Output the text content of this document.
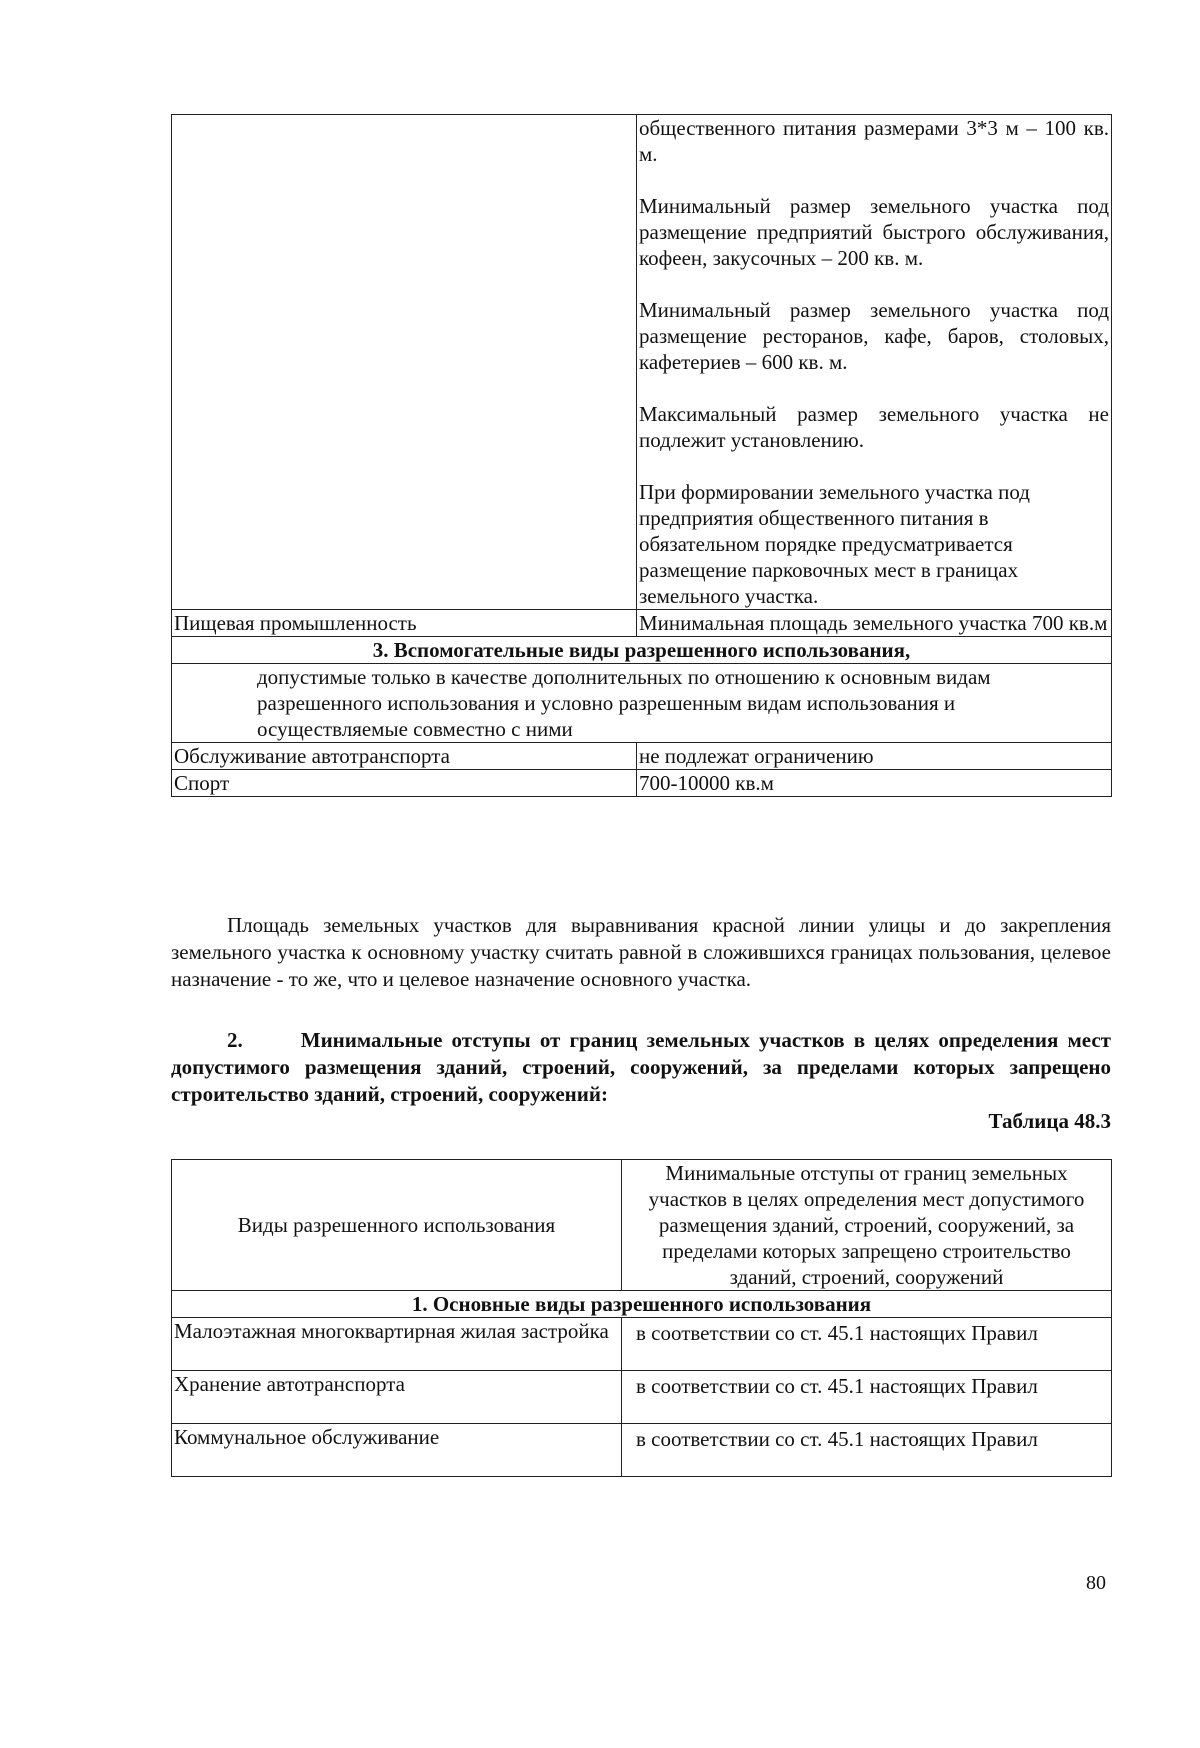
	общественного питания размерами 3*3 м – 100 кв. м.
Минимальный размер земельного участка под размещение предприятий быстрого обслуживания, кофеен, закусочных – 200 кв. м.
Минимальный размер земельного участка под размещение ресторанов, кафе, баров, столовых, кафетериев – 600 кв. м.
Максимальный размер земельного участка не подлежит установлению.
При формировании земельного участка под предприятия общественного питания в обязательном порядке предусматривается размещение парковочных мест в границах земельного участка.

Пищевая промышленность	Минимальная площадь земельного участка 700 кв.м
3. Вспомогательные виды разрешенного использования,	
допустимые только в качестве дополнительных по отношению к основным видам разрешенного использования и условно разрешенным видам использования и осуществляемые совместно с ними	
Обслуживание автотранспорта	не подлежат ограничению
Спорт	700-10000 кв.м
Площадь земельных участков для выравнивания красной линии улицы и до закрепления земельного участка к основному участку считать равной в сложившихся границах пользования, целевое назначение - то же, что и целевое назначение основного участка.
2.	Минимальные отступы от границ земельных участков в целях определения мест допустимого размещения зданий, строений, сооружений, за пределами которых запрещено строительство зданий, строений, сооружений:
Таблица 48.3
Виды разрешенного использования	Минимальные отступы от границ земельных участков в целях определения мест допустимого размещения зданий, строений, сооружений, за пределами которых запрещено строительство зданий, строений, сооружений
1. Основные виды разрешенного использования	
Малоэтажная многоквартирная жилая застройка	в соответствии со ст. 45.1 настоящих Правил
Хранение автотранспорта	в соответствии со ст. 45.1 настоящих Правил
Коммунальное обслуживание	в соответствии со ст. 45.1 настоящих Правил
80
